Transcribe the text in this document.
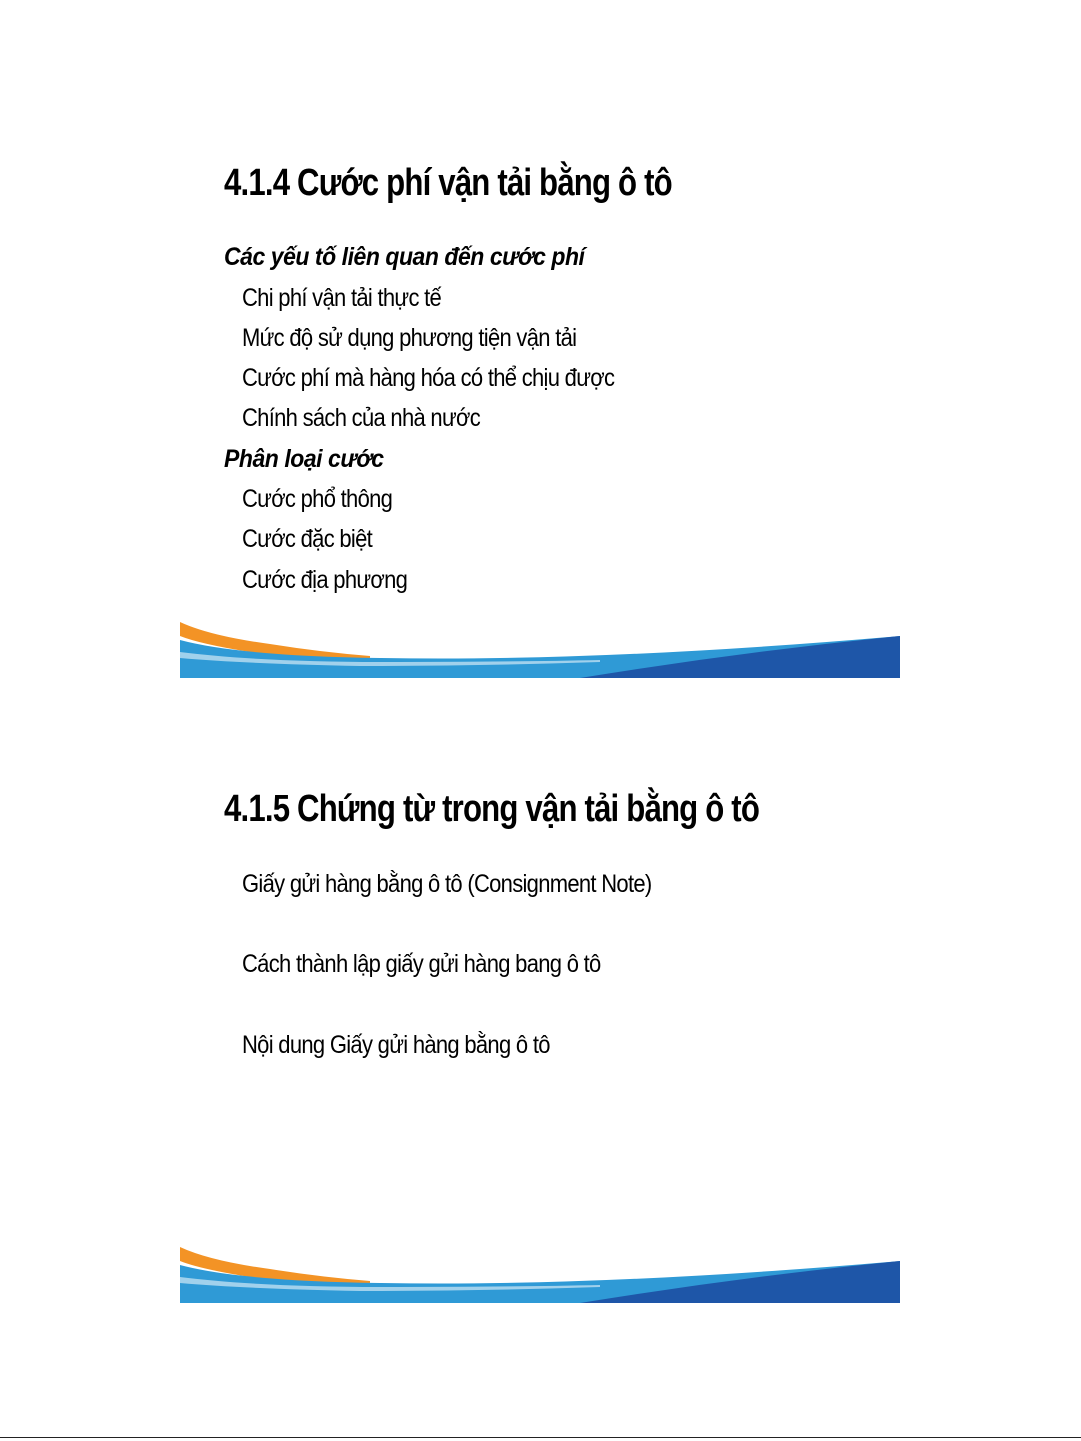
4.1.4 Cước phí vận tải bằng ô tô

Các yếu tố liên quan đến cước phí

Chi phí vận tải thực tế

Mức độ sử dụng phương tiện vận tải

Cước phí mà hàng hóa có thể chịu được

Chính sách của nhà nước

Phân loại cước

Cước phổ thông

Cước đặc biệt

Cước địa phương

4.1.5 Chứng từ trong vận tải bằng ô tô

Giấy gửi hàng bằng ô tô (Consignment Note)

Cách thành lập giấy gửi hàng bang ô tô

Nội dung Giấy gửi hàng bằng ô tô
